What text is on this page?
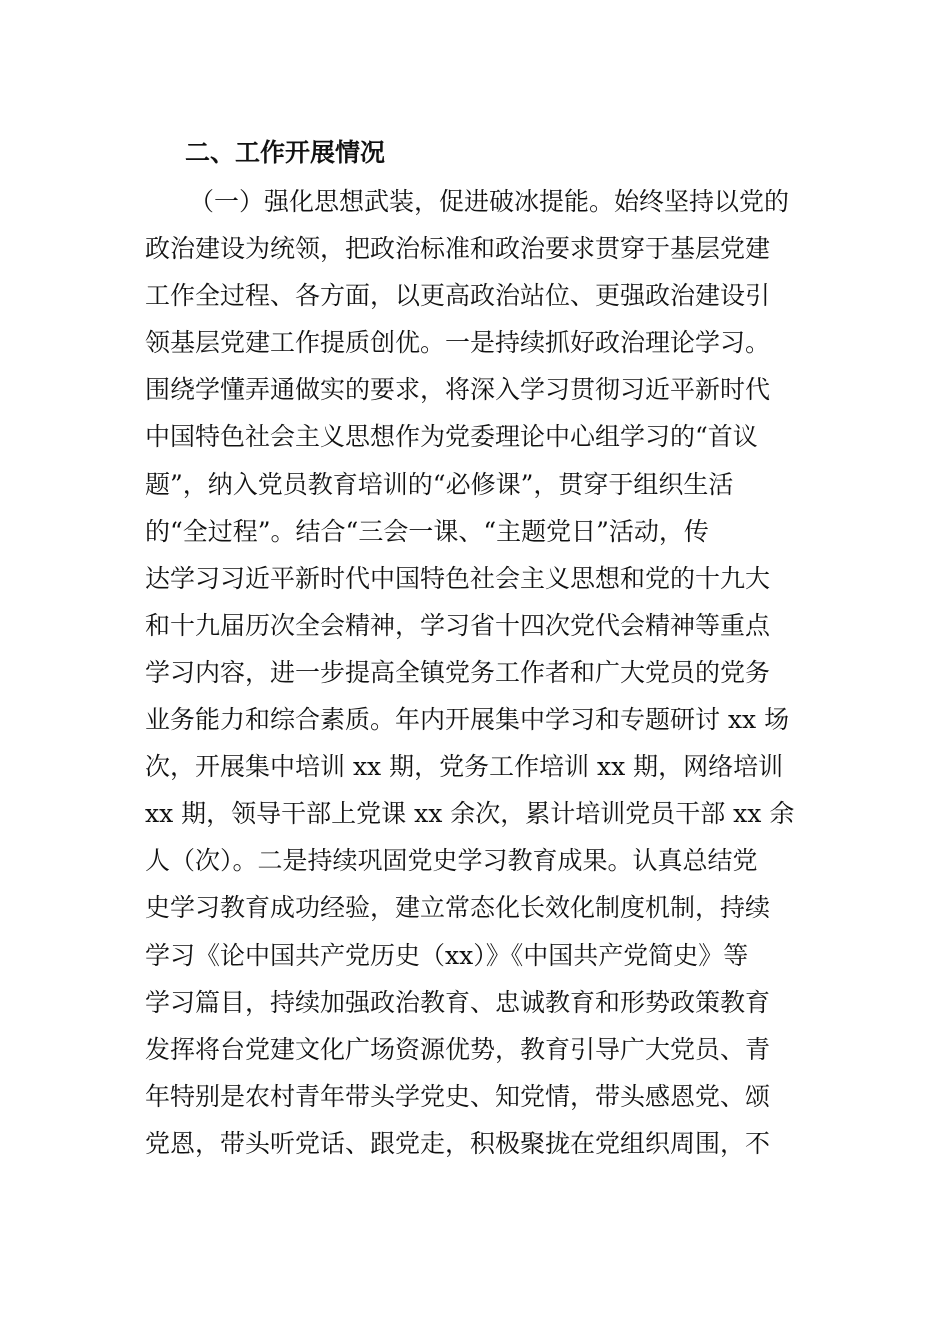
二、工作开展情况
（一）强化思想武装，促进破冰提能。始终坚持以党的
政治建设为统领，把政治标准和政治要求贯穿于基层党建
工作全过程、各方面，以更高政治站位、更强政治建设引
领基层党建工作提质创优。一是持续抓好政治理论学习。
围绕学懂弄通做实的要求，将深入学习贯彻习近平新时代
中国特色社会主义思想作为党委理论中心组学习的“首议
题”，纳入党员教育培训的“必修课”，贯穿于组织生活
的“全过程”。结合“三会一课、“主题党日”活动，传
达学习习近平新时代中国特色社会主义思想和党的十九大
和十九届历次全会精神，学习省十四次党代会精神等重点
学习内容，进一步提高全镇党务工作者和广大党员的党务
业务能力和综合素质。年内开展集中学习和专题研讨 xx 场
次，开展集中培训 xx 期，党务工作培训 xx 期，网络培训
xx 期，领导干部上党课 xx 余次，累计培训党员干部 xx 余
人（次）。二是持续巩固党史学习教育成果。认真总结党
史学习教育成功经验，建立常态化长效化制度机制，持续
学习《论中国共产党历史（xx）》《中国共产党简史》等
学习篇目，持续加强政治教育、忠诚教育和形势政策教育
发挥将台党建文化广场资源优势，教育引导广大党员、青
年特别是农村青年带头学党史、知党情，带头感恩党、颂
党恩，带头听党话、跟党走，积极聚拢在党组织周围，不
